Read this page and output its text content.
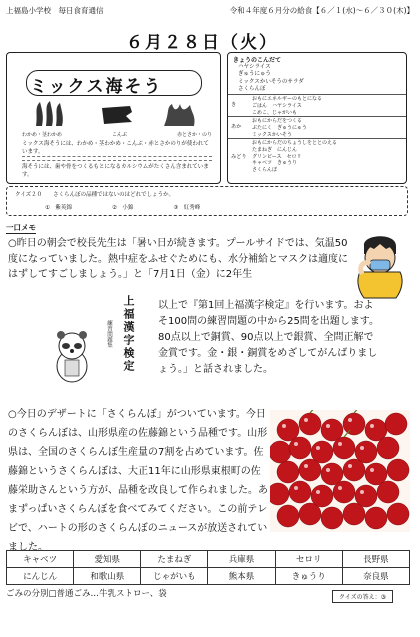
上福島小学校　毎日食育通信	令和４年度６月分の給食【６／１(水)～６／３０(木)】
６月２８日（火）
ミックス海そう
わかめ・茎わかめ	こんぶ	赤とさか・のり
ミックス海そうには、わかめ・茎わかめ・こんぶ・赤とさかのりが使われています。
海そうには、歯や骨をつくるもとになるカルシウムがたくさん含まれています。
きょうのこんだて
ハヤシライス
ぎゅうにゅう
ミックスかいそうのサラダ
さくらんぼ
き
おもにエネルギーのもとになる
ごはん　ハヤシライス
こめこ、じゃがいも
あか
おもにからだをつくる
ぶたにく　ぎゅうにゅう
ミックスかいそう
みどり
おもにからだのちょうしをととのえる
たまねぎ　にんじん
グリンピース　セロリ
キャベツ　きゅうり
さくらんぼ
クイズ２０　　さくらんぼの品種ではないのはどれでしょうか。
①　紫英錦	②　小錦	③　紅秀峰
一口メモ
○昨日の朝会で校長先生は「暑い日が続きます。プールサイドでは、気温50度になっていました。熱中症をふせぐためにも、水分補給とマスクは適度にはずしてすごしましょう。」と「7月1日（金）に2年生
上福漢字検定
練習問題集
以上で『第1回上福漢字検定』を行います。およそ100問の練習問題の中から25問を出題します。80点以上で銅賞、90点以上で銀賞、全問正解で金賞です。金・銀・銅賞をめざしてがんばりましょう。」と話されました。
○今日のデザートに「さくらんぼ」がついています。今日のさくらんぼは、山形県産の佐藤錦という品種です。山形県は、全国のさくらんぼ生産量の7割を占めています。佐藤錦というさくらんぼは、大正11年に山形県東根町の佐藤栄助さんという方が、品種を改良して作られました。あまずっぱいさくらんぼを食べてみてください。この前テレビで、ハートの形のさくらんぼのニュースが放送されていました。
キャベツ	愛知県	たまねぎ	兵庫県	セロリ	長野県
にんじん	和歌山県	じゃがいも	熊本県	きゅうり	奈良県
ごみの分別□普通ごみ…牛乳ストロー、袋	クイズの答え：③
